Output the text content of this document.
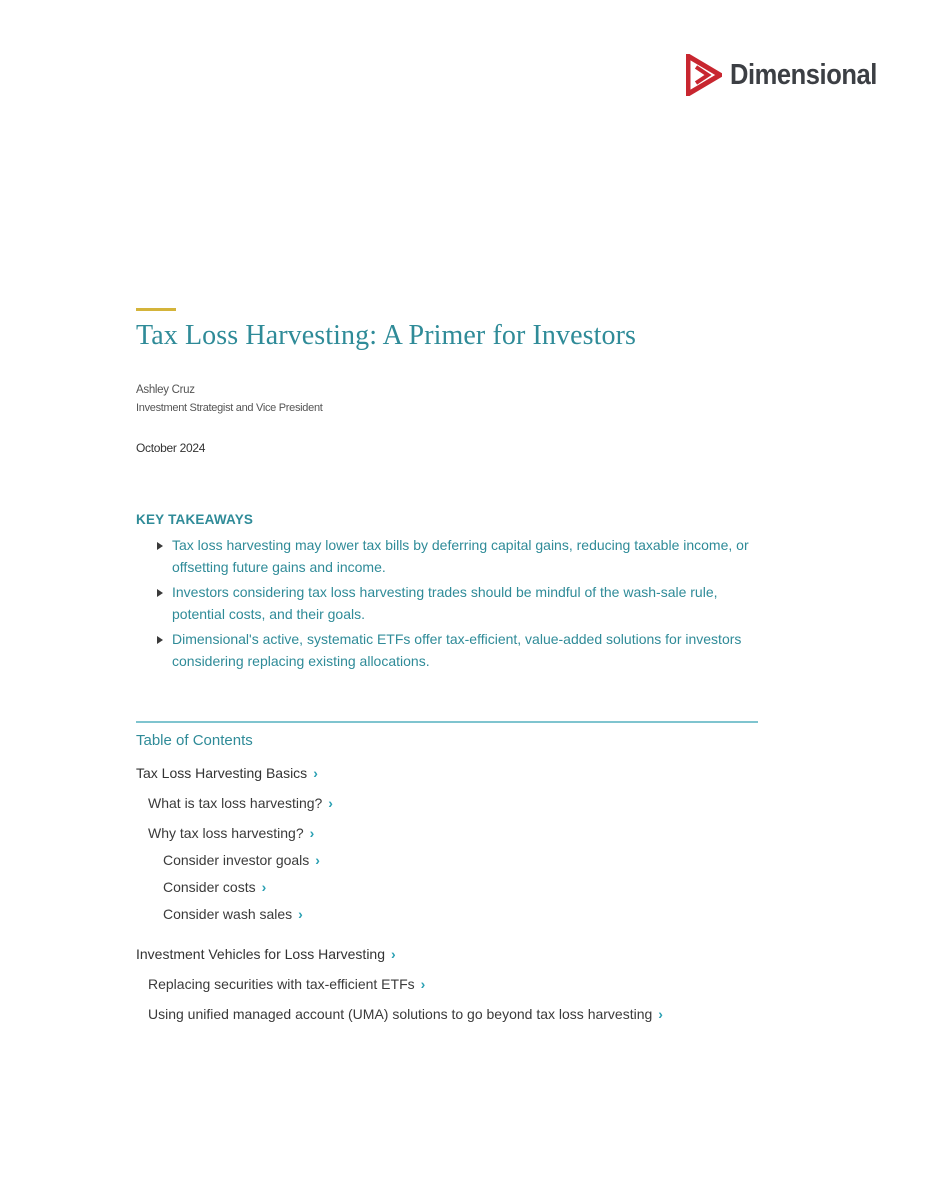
Dimensional
Tax Loss Harvesting: A Primer for Investors
Ashley Cruz
Investment Strategist and Vice President
October 2024
KEY TAKEAWAYS
Tax loss harvesting may lower tax bills by deferring capital gains, reducing taxable income, or offsetting future gains and income.
Investors considering tax loss harvesting trades should be mindful of the wash-sale rule, potential costs, and their goals.
Dimensional's active, systematic ETFs offer tax-efficient, value-added solutions for investors considering replacing existing allocations.
Table of Contents
Tax Loss Harvesting Basics ›
What is tax loss harvesting? ›
Why tax loss harvesting? ›
Consider investor goals ›
Consider costs ›
Consider wash sales ›
Investment Vehicles for Loss Harvesting ›
Replacing securities with tax-efficient ETFs ›
Using unified managed account (UMA) solutions to go beyond tax loss harvesting ›
